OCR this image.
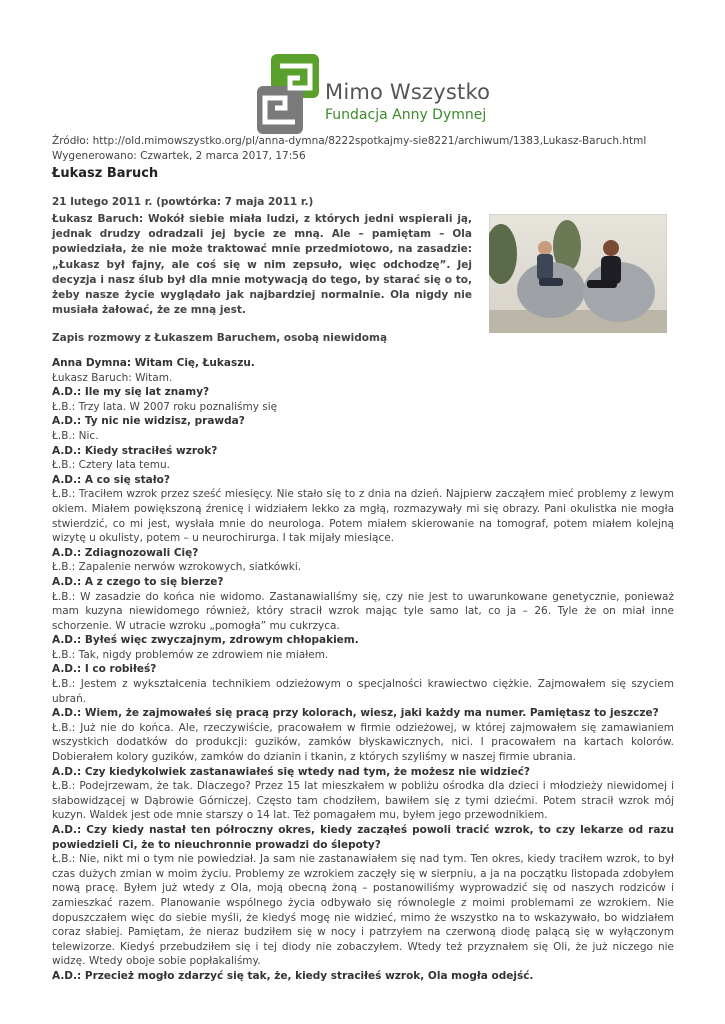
Mimo Wszystko
Fundacja Anny Dymnej
Źródło: http://old.mimowszystko.org/pl/anna-dymna/8222spotkajmy-sie8221/archiwum/1383,Lukasz-Baruch.html
Wygenerowano: Czwartek, 2 marca 2017, 17:56
Łukasz Baruch
21 lutego 2011 r. (powtórka: 7 maja 2011 r.)
Łukasz Baruch: Wokół siebie miała ludzi, z których jedni wspierali ją, jednak drudzy odradzali jej bycie ze mną. Ale – pamiętam – Ola powiedziała, że nie może traktować mnie przedmiotowo, na zasadzie: „Łukasz był fajny, ale coś się w nim zepsuło, więc odchodzę”. Jej decyzja i nasz ślub był dla mnie motywacją do tego, by starać się o to, żeby nasze życie wyglądało jak najbardziej normalnie. Ola nigdy nie musiała żałować, że ze mną jest.
Zapis rozmowy z Łukaszem Baruchem, osobą niewidomą

Anna Dymna: Witam Cię, Łukaszu.

Łukasz Baruch: Witam.

A.D.: Ile my się lat znamy?

Ł.B.: Trzy lata. W 2007 roku poznaliśmy się

A.D.: Ty nic nie widzisz, prawda?

Ł.B.: Nic.

A.D.: Kiedy straciłeś wzrok?

Ł.B.: Cztery lata temu.

A.D.: A co się stało?

Ł.B.: Traciłem wzrok przez sześć miesięcy. Nie stało się to z dnia na dzień. Najpierw zacząłem mieć problemy z lewym okiem. Miałem powiększoną źrenicę i widziałem lekko za mgłą, rozmazywały mi się obrazy. Pani okulistka nie mogła stwierdzić, co mi jest, wysłała mnie do neurologa. Potem miałem skierowanie na tomograf, potem miałem kolejną wizytę u okulisty, potem – u neurochirurga. I tak mijały miesiące.

A.D.: Zdiagnozowali Cię?

Ł.B.: Zapalenie nerwów wzrokowych, siatkówki.

A.D.: A z czego to się bierze?

Ł.B.: W zasadzie do końca nie widomo. Zastanawialiśmy się, czy nie jest to uwarunkowane genetycznie, ponieważ mam kuzyna niewidomego również, który stracił wzrok mając tyle samo lat, co ja – 26. Tyle że on miał inne schorzenie. W utracie wzroku „pomogła” mu cukrzyca.

A.D.: Byłeś więc zwyczajnym, zdrowym chłopakiem.

Ł.B.: Tak, nigdy problemów ze zdrowiem nie miałem.

A.D.: I co robiłeś?

Ł.B.: Jestem z wykształcenia technikiem odzieżowym o specjalności krawiectwo ciężkie. Zajmowałem się szyciem ubrań.

A.D.: Wiem, że zajmowałeś się pracą przy kolorach, wiesz, jaki każdy ma numer. Pamiętasz to jeszcze?

Ł.B.: Już nie do końca. Ale, rzeczywiście, pracowałem w firmie odzieżowej, w której zajmowałem się zamawianiem wszystkich dodatków do produkcji: guzików, zamków błyskawicznych, nici. I pracowałem na kartach kolorów. Dobierałem kolory guzików, zamków do dzianin i tkanin, z których szyliśmy w naszej firmie ubrania.

A.D.: Czy kiedykolwiek zastanawiałeś się wtedy nad tym, że możesz nie widzieć?

Ł.B.: Podejrzewam, że tak. Dlaczego? Przez 15 lat mieszkałem w pobliżu ośrodka dla dzieci i młodzieży niewidomej i słabowidzącej w Dąbrowie Górniczej. Często tam chodziłem, bawiłem się z tymi dziećmi. Potem stracił wzrok mój kuzyn. Waldek jest ode mnie starszy o 14 lat. Też pomagałem mu, byłem jego przewodnikiem.

A.D.: Czy kiedy nastał ten półroczny okres, kiedy zacząłeś powoli tracić wzrok, to czy lekarze od razu powiedzieli Ci, że to nieuchronnie prowadzi do ślepoty?

Ł.B.: Nie, nikt mi o tym nie powiedział. Ja sam nie zastanawiałem się nad tym. Ten okres, kiedy traciłem wzrok, to był czas dużych zmian w moim życiu. Problemy ze wzrokiem zaczęły się w sierpniu, a ja na początku listopada zdobyłem nową pracę. Byłem już wtedy z Ola, moją obecną żoną – postanowiliśmy wyprowadzić się od naszych rodziców i zamieszkać razem. Planowanie wspólnego życia odbywało się równolegle z moimi problemami ze wzrokiem. Nie dopuszczałem więc do siebie myśli, że kiedyś mogę nie widzieć, mimo że wszystko na to wskazywało, bo widziałem coraz słabiej. Pamiętam, że nieraz budziłem się w nocy i patrzyłem na czerwoną diodę palącą się w wyłączonym telewizorze. Kiedyś przebudziłem się i tej diody nie zobaczyłem. Wtedy też przyznałem się Oli, że już niczego nie widzę. Wtedy oboje sobie popłakaliśmy.

A.D.: Przecież mogło zdarzyć się tak, że, kiedy straciłeś wzrok, Ola mogła odejść.
